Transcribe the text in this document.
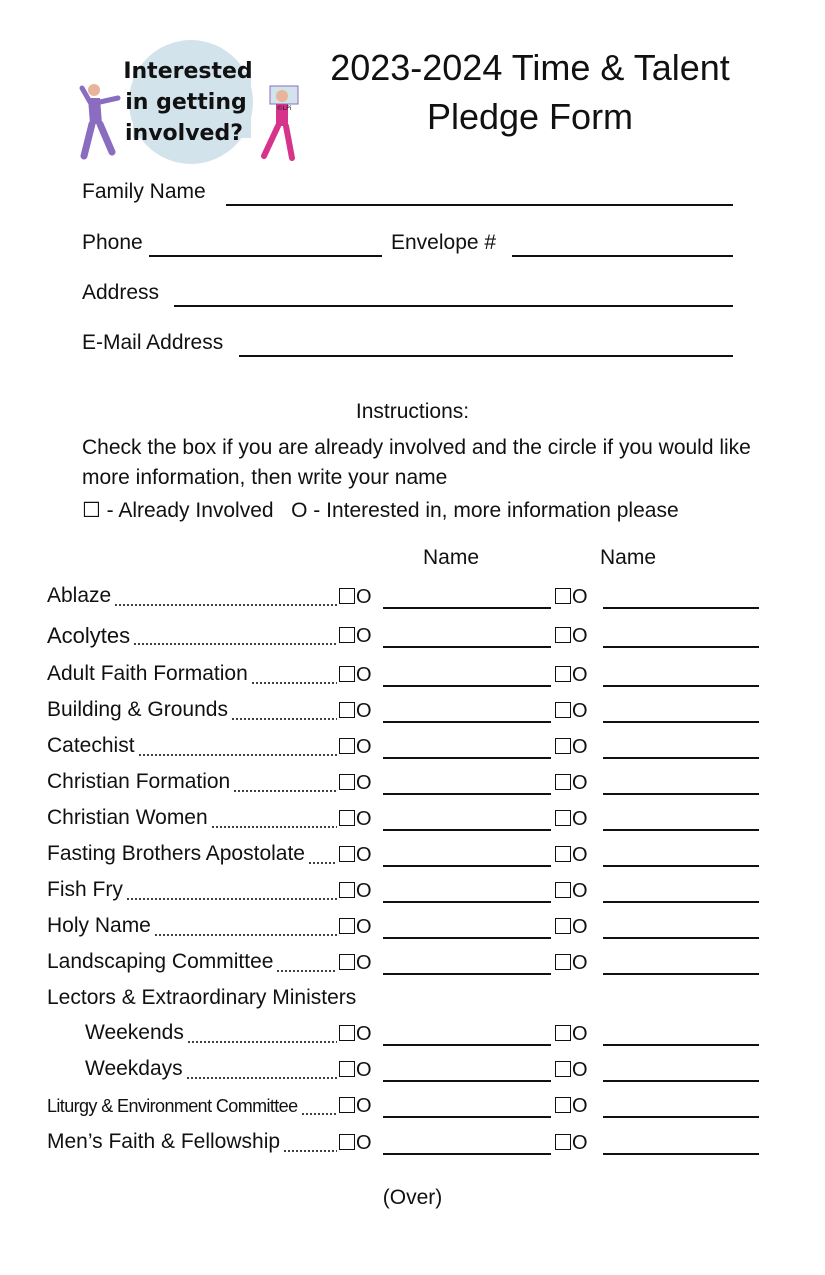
Interested
in getting
involved?
©LPi
2023-2024 Time & Talent
Pledge Form
Family Name
Phone	Envelope #
Address
E-Mail Address
Instructions:
Check the box if you are already involved and the circle if you would like more information, then write your name
☐ - Already Involved O - Interested in, more information please
Name	Name
Ablaze	O	O
Acolytes	O	O
Adult Faith Formation	O	O
Building & Grounds	O	O
Catechist	O	O
Christian Formation	O	O
Christian Women	O	O
Fasting Brothers Apostolate	O	O
Fish Fry	O	O
Holy Name	O	O
Landscaping Committee	O	O
Lectors & Extraordinary Ministers
Weekends	O	O
Weekdays	O	O
Liturgy & Environment Committee	O	O
Men’s Faith & Fellowship	O	O
(Over)
